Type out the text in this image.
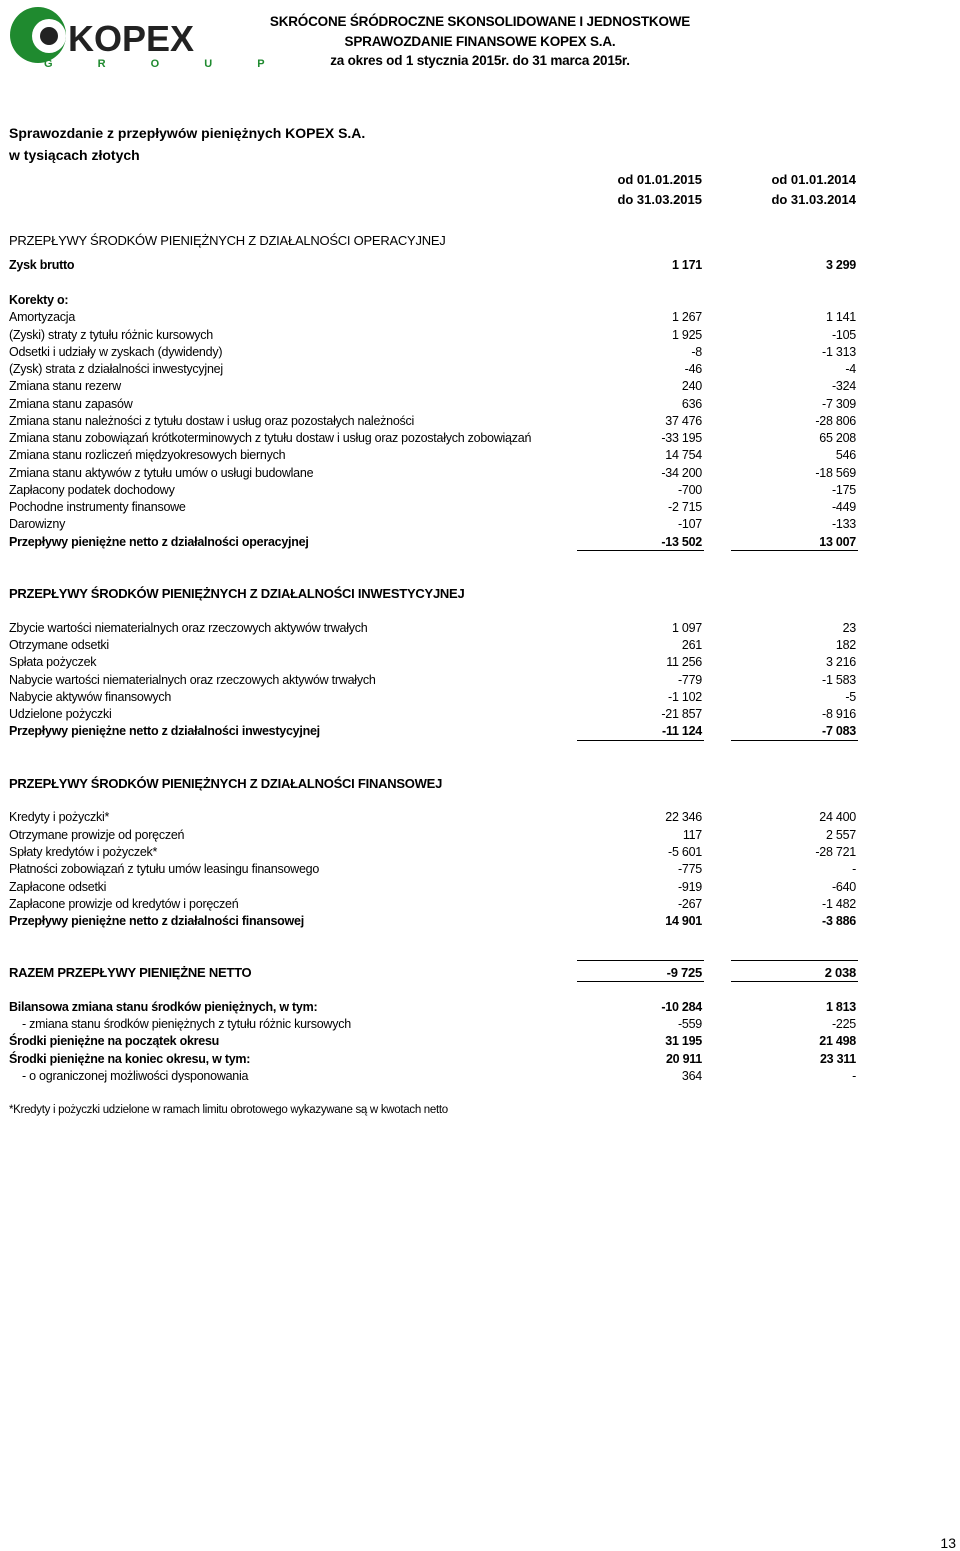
KOPEX
G R O U P
SKRÓCONE ŚRÓDROCZNE SKONSOLIDOWANE I JEDNOSTKOWE
SPRAWOZDANIE FINANSOWE KOPEX S.A.
za okres od 1 stycznia 2015r. do 31 marca 2015r.
Sprawozdanie z przepływów pieniężnych KOPEX S.A.
w tysiącach złotych
od 01.01.2015
do 31.03.2015
od 01.01.2014
do 31.03.2014
PRZEPŁYWY ŚRODKÓW PIENIĘŻNYCH Z DZIAŁALNOŚCI OPERACYJNEJ
Zysk brutto	1 171	3 299
Korekty o:
Amortyzacja	1 267	1 141
(Zyski) straty z tytułu różnic kursowych	1 925	-105
Odsetki i udziały w zyskach (dywidendy)	-8	-1 313
(Zysk) strata z działalności inwestycyjnej	-46	-4
Zmiana stanu rezerw	240	-324
Zmiana stanu zapasów	636	-7 309
Zmiana stanu należności z tytułu dostaw i usług oraz pozostałych należności	37 476	-28 806
Zmiana stanu zobowiązań krótkoterminowych z tytułu dostaw i usług oraz pozostałych zobowiązań	-33 195	65 208
Zmiana stanu rozliczeń międzyokresowych biernych	14 754	546
Zmiana stanu aktywów z tytułu umów o usługi budowlane	-34 200	-18 569
Zapłacony podatek dochodowy	-700	-175
Pochodne instrumenty finansowe	-2 715	-449
Darowizny	-107	-133
Przepływy pieniężne netto z działalności operacyjnej	-13 502	13 007
PRZEPŁYWY ŚRODKÓW PIENIĘŻNYCH Z DZIAŁALNOŚCI INWESTYCYJNEJ
Zbycie wartości niematerialnych oraz rzeczowych aktywów trwałych	1 097	23
Otrzymane odsetki	261	182
Spłata pożyczek	11 256	3 216
Nabycie wartości niematerialnych oraz rzeczowych aktywów trwałych	-779	-1 583
Nabycie aktywów finansowych	-1 102	-5
Udzielone pożyczki	-21 857	-8 916
Przepływy pieniężne netto z działalności inwestycyjnej	-11 124	-7 083
PRZEPŁYWY ŚRODKÓW PIENIĘŻNYCH Z DZIAŁALNOŚCI FINANSOWEJ
Kredyty i pożyczki*	22 346	24 400
Otrzymane prowizje od poręczeń	117	2 557
Spłaty kredytów i pożyczek*	-5 601	-28 721
Płatności zobowiązań z tytułu umów leasingu finansowego	-775	-
Zapłacone odsetki	-919	-640
Zapłacone prowizje od kredytów i poręczeń	-267	-1 482
Przepływy pieniężne netto z działalności finansowej	14 901	-3 886
RAZEM PRZEPŁYWY PIENIĘŻNE NETTO	-9 725	2 038
Bilansowa zmiana stanu środków pieniężnych, w tym:	-10 284	1 813
- zmiana stanu środków pieniężnych z tytułu różnic kursowych	-559	-225
Środki pieniężne na początek okresu	31 195	21 498
Środki pieniężne na koniec okresu, w tym:	20 911	23 311
- o ograniczonej możliwości dysponowania	364	-
*Kredyty i pożyczki udzielone w ramach limitu obrotowego wykazywane są w kwotach netto
13
